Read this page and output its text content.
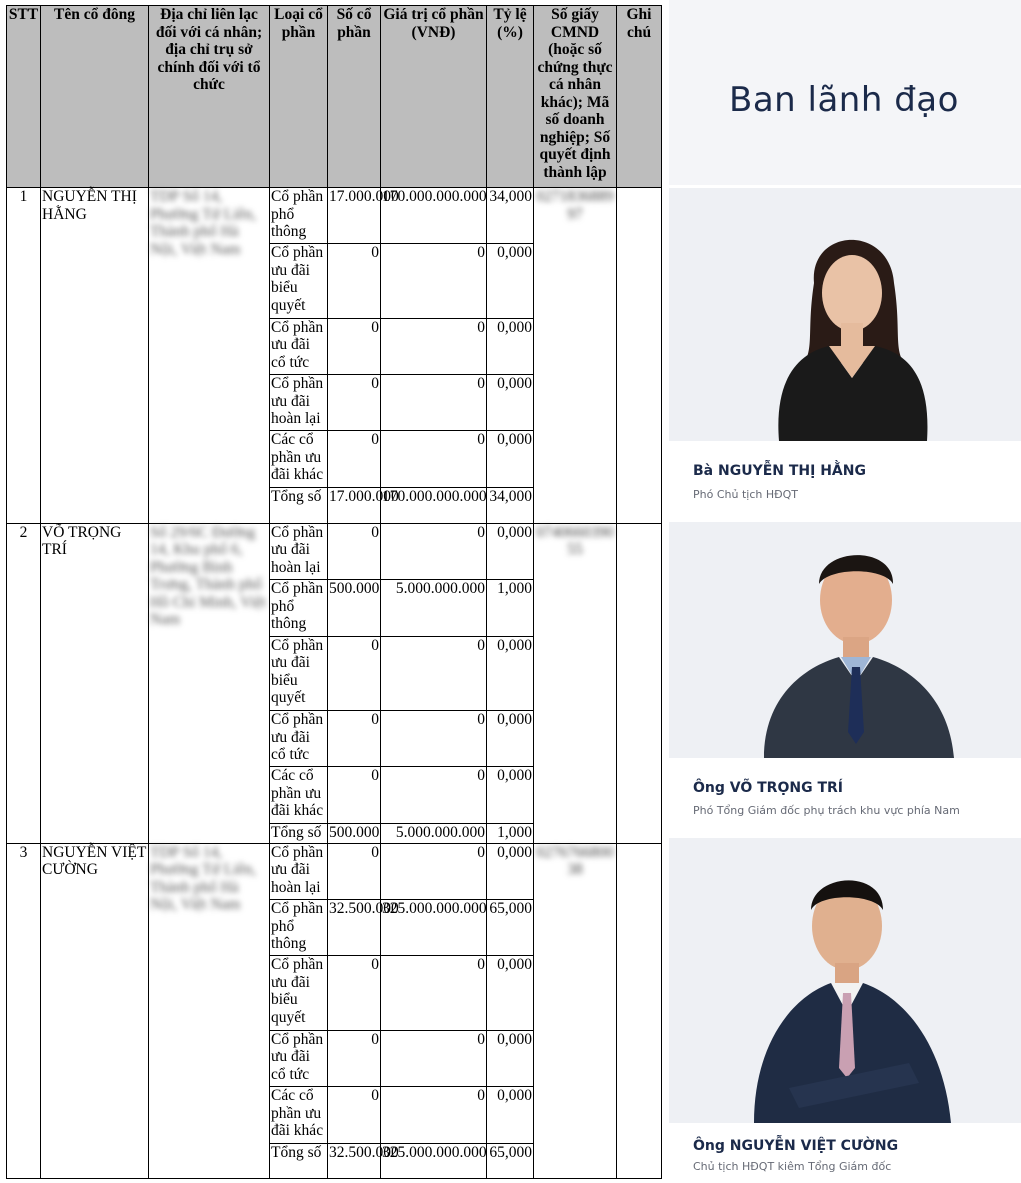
STT	Tên cổ đông	Địa chỉ liên lạc đối với cá nhân; địa chỉ trụ sở chính đối với tổ chức	Loại cổ phần	Số cổ phần	Giá trị cổ phần (VNĐ)	Tỷ lệ (%)	Số giấy CMND (hoặc số chứng thực cá nhân khác); Mã số doanh nghiệp; Số quyết định thành lập	Ghi chú
1	NGUYỄN THỊ HẰNG	TDP Số 14, Phường Tứ Liên, Thành phố Hà Nội, Việt Nam	Cổ phần phổ thông	17.000.000	170.000.000.000	34,000	0271836889 97	
			Cổ phần ưu đãi biểu quyết	0	0	0,000		
			Cổ phần ưu đãi cổ tức	0	0	0,000		
			Cổ phần ưu đãi hoàn lại	0	0	0,000		
			Các cổ phần ưu đãi khác	0	0	0,000		
			Tổng số	17.000.000	170.000.000.000	34,000		
2	VÕ TRỌNG TRÍ	Số 29/6C Đường 14, Khu phố 6, Phường Bình Trưng, Thành phố Hồ Chí Minh, Việt Nam	Cổ phần ưu đãi hoàn lại	0	0	0,000	0740660390 55	
			Cổ phần phổ thông	500.000	5.000.000.000	1,000		
			Cổ phần ưu đãi biểu quyết	0	0	0,000		
			Cổ phần ưu đãi cổ tức	0	0	0,000		
			Các cổ phần ưu đãi khác	0	0	0,000		
			Tổng số	500.000	5.000.000.000	1,000		
3	NGUYỄN VIỆT CƯỜNG	TDP Số 14, Phường Tứ Liên, Thành phố Hà Nội, Việt Nam	Cổ phần ưu đãi hoàn lại	0	0	0,000	0276766800 38	
			Cổ phần phổ thông	32.500.000	325.000.000.000	65,000		
			Cổ phần ưu đãi biểu quyết	0	0	0,000		
			Cổ phần ưu đãi cổ tức	0	0	0,000		
			Các cổ phần ưu đãi khác	0	0	0,000		
			Tổng số	32.500.000	325.000.000.000	65,000		
Ban lãnh đạo

Bà NGUYỄN THỊ HẰNG

Phó Chủ tịch HĐQT

Ông VÕ TRỌNG TRÍ

Phó Tổng Giám đốc phụ trách khu vực phía Nam

Ông NGUYỄN VIỆT CƯỜNG

Chủ tịch HĐQT kiêm Tổng Giám đốc
